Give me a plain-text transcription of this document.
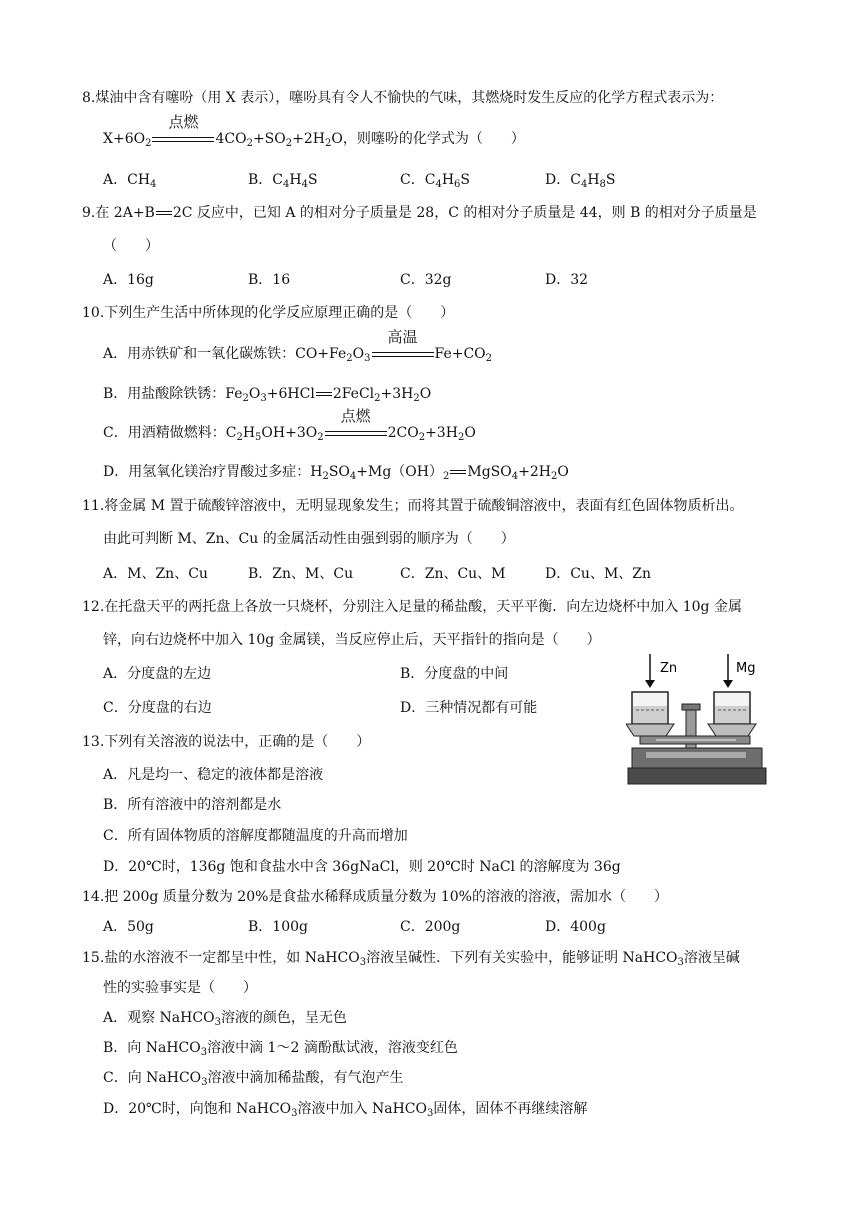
8.煤油中含有噻吩（用 X 表示），噻吩具有令人不愉快的气味，其燃烧时发生反应的化学方程式表示为：
$X+6O_2$
点燃
$4CO_2+SO_2+2H_2O$，则噻吩的化学式为（　　）
A．$CH_4$	B．$C_4H_4S$	C．$C_4H_6S$	D．$C_4H_8S$
9.在 2A+B 2C 反应中，已知 A 的相对分子质量是 28，C 的相对分子质量是 44，则 B 的相对分子质量是
（　　）
A．16g	B．16	C．32g	D．32
10.下列生产生活中所体现的化学反应原理正确的是（　　）
A．用赤铁矿和一氧化碳炼铁：$CO+Fe_2O_3$
高温
$Fe+CO_2$
B．用盐酸除铁锈：$Fe_2O_3+6HCl$ $2FeCl_2+3H_2O$
C．用酒精做燃料：$C_2H_5OH+3O_2$
点燃
$2CO_2+3H_2O$
D．用氢氧化镁治疗胃酸过多症：$H_2SO_4+Mg(OH)_2$ $MgSO_4+2H_2O$
11.将金属 M 置于硫酸锌溶液中，无明显现象发生；而将其置于硫酸铜溶液中，表面有红色固体物质析出。
由此可判断 M、Zn、Cu 的金属活动性由强到弱的顺序为（　　）
A．M、Zn、Cu	B．Zn、M、Cu	C．Zn、Cu、M	D．Cu、M、Zn
12.在托盘天平的两托盘上各放一只烧杯，分别注入足量的稀盐酸，天平平衡．向左边烧杯中加入 10g 金属
锌，向右边烧杯中加入 10g 金属镁，当反应停止后，天平指针的指向是（　　）
A．分度盘的左边	B．分度盘的中间
C．分度盘的右边	D．三种情况都有可能
Zn	Mg
13.下列有关溶液的说法中，正确的是（　　）
A．凡是均一、稳定的液体都是溶液
B．所有溶液中的溶剂都是水
C．所有固体物质的溶解度都随温度的升高而增加
D．20℃时，136g 饱和食盐水中含 36gNaCl，则 20℃时 NaCl 的溶解度为 36g
14.把 200g 质量分数为 20%是食盐水稀释成质量分数为 10%的溶液的溶液，需加水（　　）
A．50g	B．100g	C．200g	D．400g
15.盐的水溶液不一定都呈中性，如 NaHCO$_3$溶液呈碱性．下列有关实验中，能够证明 NaHCO$_3$溶液呈碱
性的实验事实是（　　）
A．观察 NaHCO$_3$溶液的颜色，呈无色
B．向 NaHCO$_3$溶液中滴 1～2 滴酚酞试液，溶液变红色
C．向 NaHCO$_3$溶液中滴加稀盐酸，有气泡产生
D．20℃时，向饱和 NaHCO$_3$溶液中加入 NaHCO$_3$固体，固体不再继续溶解
